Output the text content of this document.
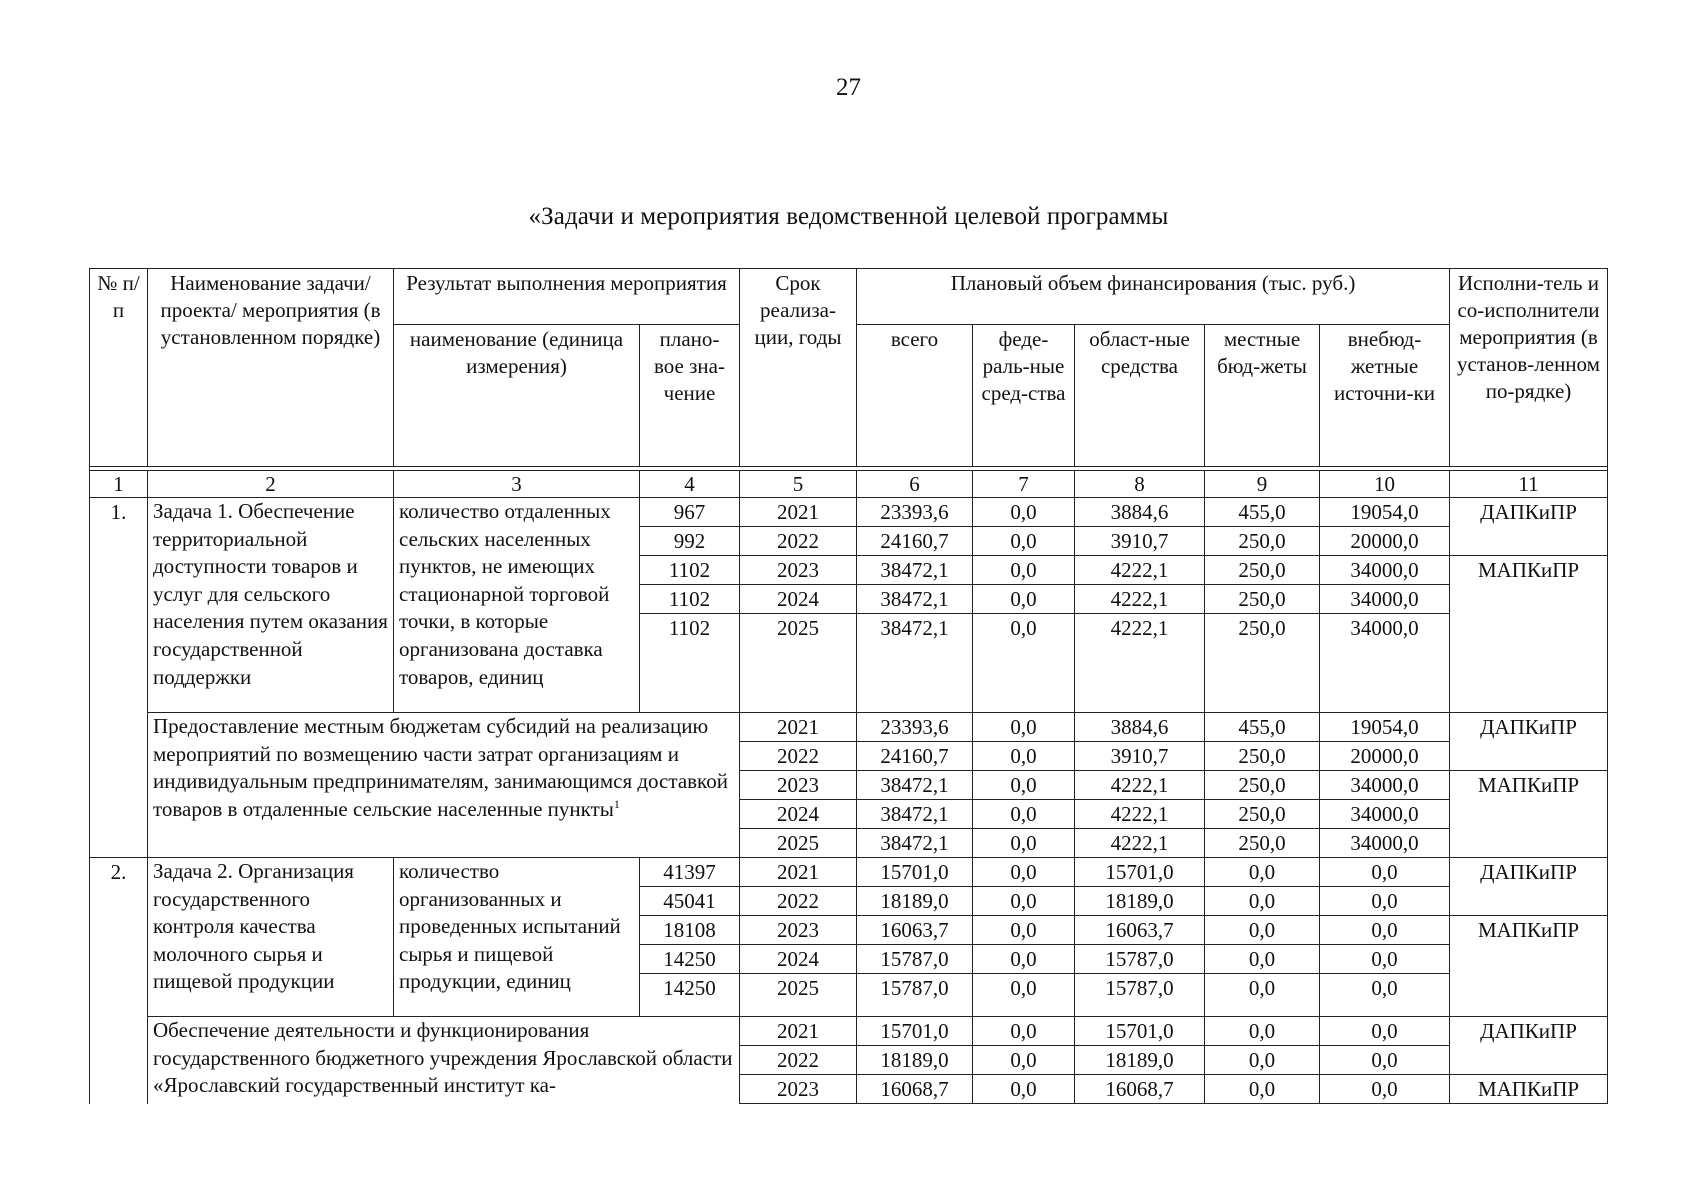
27
«Задачи и мероприятия ведомственной целевой программы
№ п/п	Наименование задачи/проекта/ мероприятия (в установленном порядке)	Результат выполнения мероприятия		Срок реализа-ции, годы	Плановый объем финансирования (тыс. руб.)					Исполни-тель и со-исполнители мероприятия (в установ-ленном по-рядке)
		наименование (единица измерения)	плано-вое зна-чение		всего	феде-раль-ные сред-ства	област-ные средства	местные бюд-жеты	внебюд-жетные источни-ки	

1	2	3	4	5	6	7	8	9	10	11
1.	Задача 1. Обеспечение территориальной доступности товаров и услуг для сельского населения путем оказания государственной поддержки	количество отдаленных сельских населенных пунктов, не имеющих стационарной торговой точки, в которые организована доставка товаров, единиц	967	2021	23393,6	0,0	3884,6	455,0	19054,0	ДАПКиПР
			992	2022	24160,7	0,0	3910,7	250,0	20000,0	
			1102	2023	38472,1	0,0	4222,1	250,0	34000,0	МАПКиПР
			1102	2024	38472,1	0,0	4222,1	250,0	34000,0	
			1102	2025	38472,1	0,0	4222,1	250,0	34000,0	
	Предоставление местным бюджетам субсидий на реализацию мероприятий по возмещению части затрат организациям и индивидуальным предпринимателям, занимающимся доставкой товаров в отдаленные сельские населенные пункты$^1$			2021	23393,6	0,0	3884,6	455,0	19054,0	ДАПКиПР
				2022	24160,7	0,0	3910,7	250,0	20000,0	
				2023	38472,1	0,0	4222,1	250,0	34000,0	МАПКиПР
				2024	38472,1	0,0	4222,1	250,0	34000,0	
				2025	38472,1	0,0	4222,1	250,0	34000,0	
2.	Задача 2. Организация государственного контроля качества молочного сырья и пищевой продукции	количество организованных и проведенных испытаний сырья и пищевой продукции, единиц	41397	2021	15701,0	0,0	15701,0	0,0	0,0	ДАПКиПР
			45041	2022	18189,0	0,0	18189,0	0,0	0,0	
			18108	2023	16063,7	0,0	16063,7	0,0	0,0	МАПКиПР
			14250	2024	15787,0	0,0	15787,0	0,0	0,0	
			14250	2025	15787,0	0,0	15787,0	0,0	0,0	
	Обеспечение деятельности и функционирования государственного бюджетного учреждения Ярославской области «Ярославский государственный институт ка-			2021	15701,0	0,0	15701,0	0,0	0,0	ДАПКиПР
				2022	18189,0	0,0	18189,0	0,0	0,0	
				2023	16068,7	0,0	16068,7	0,0	0,0	МАПКиПР
